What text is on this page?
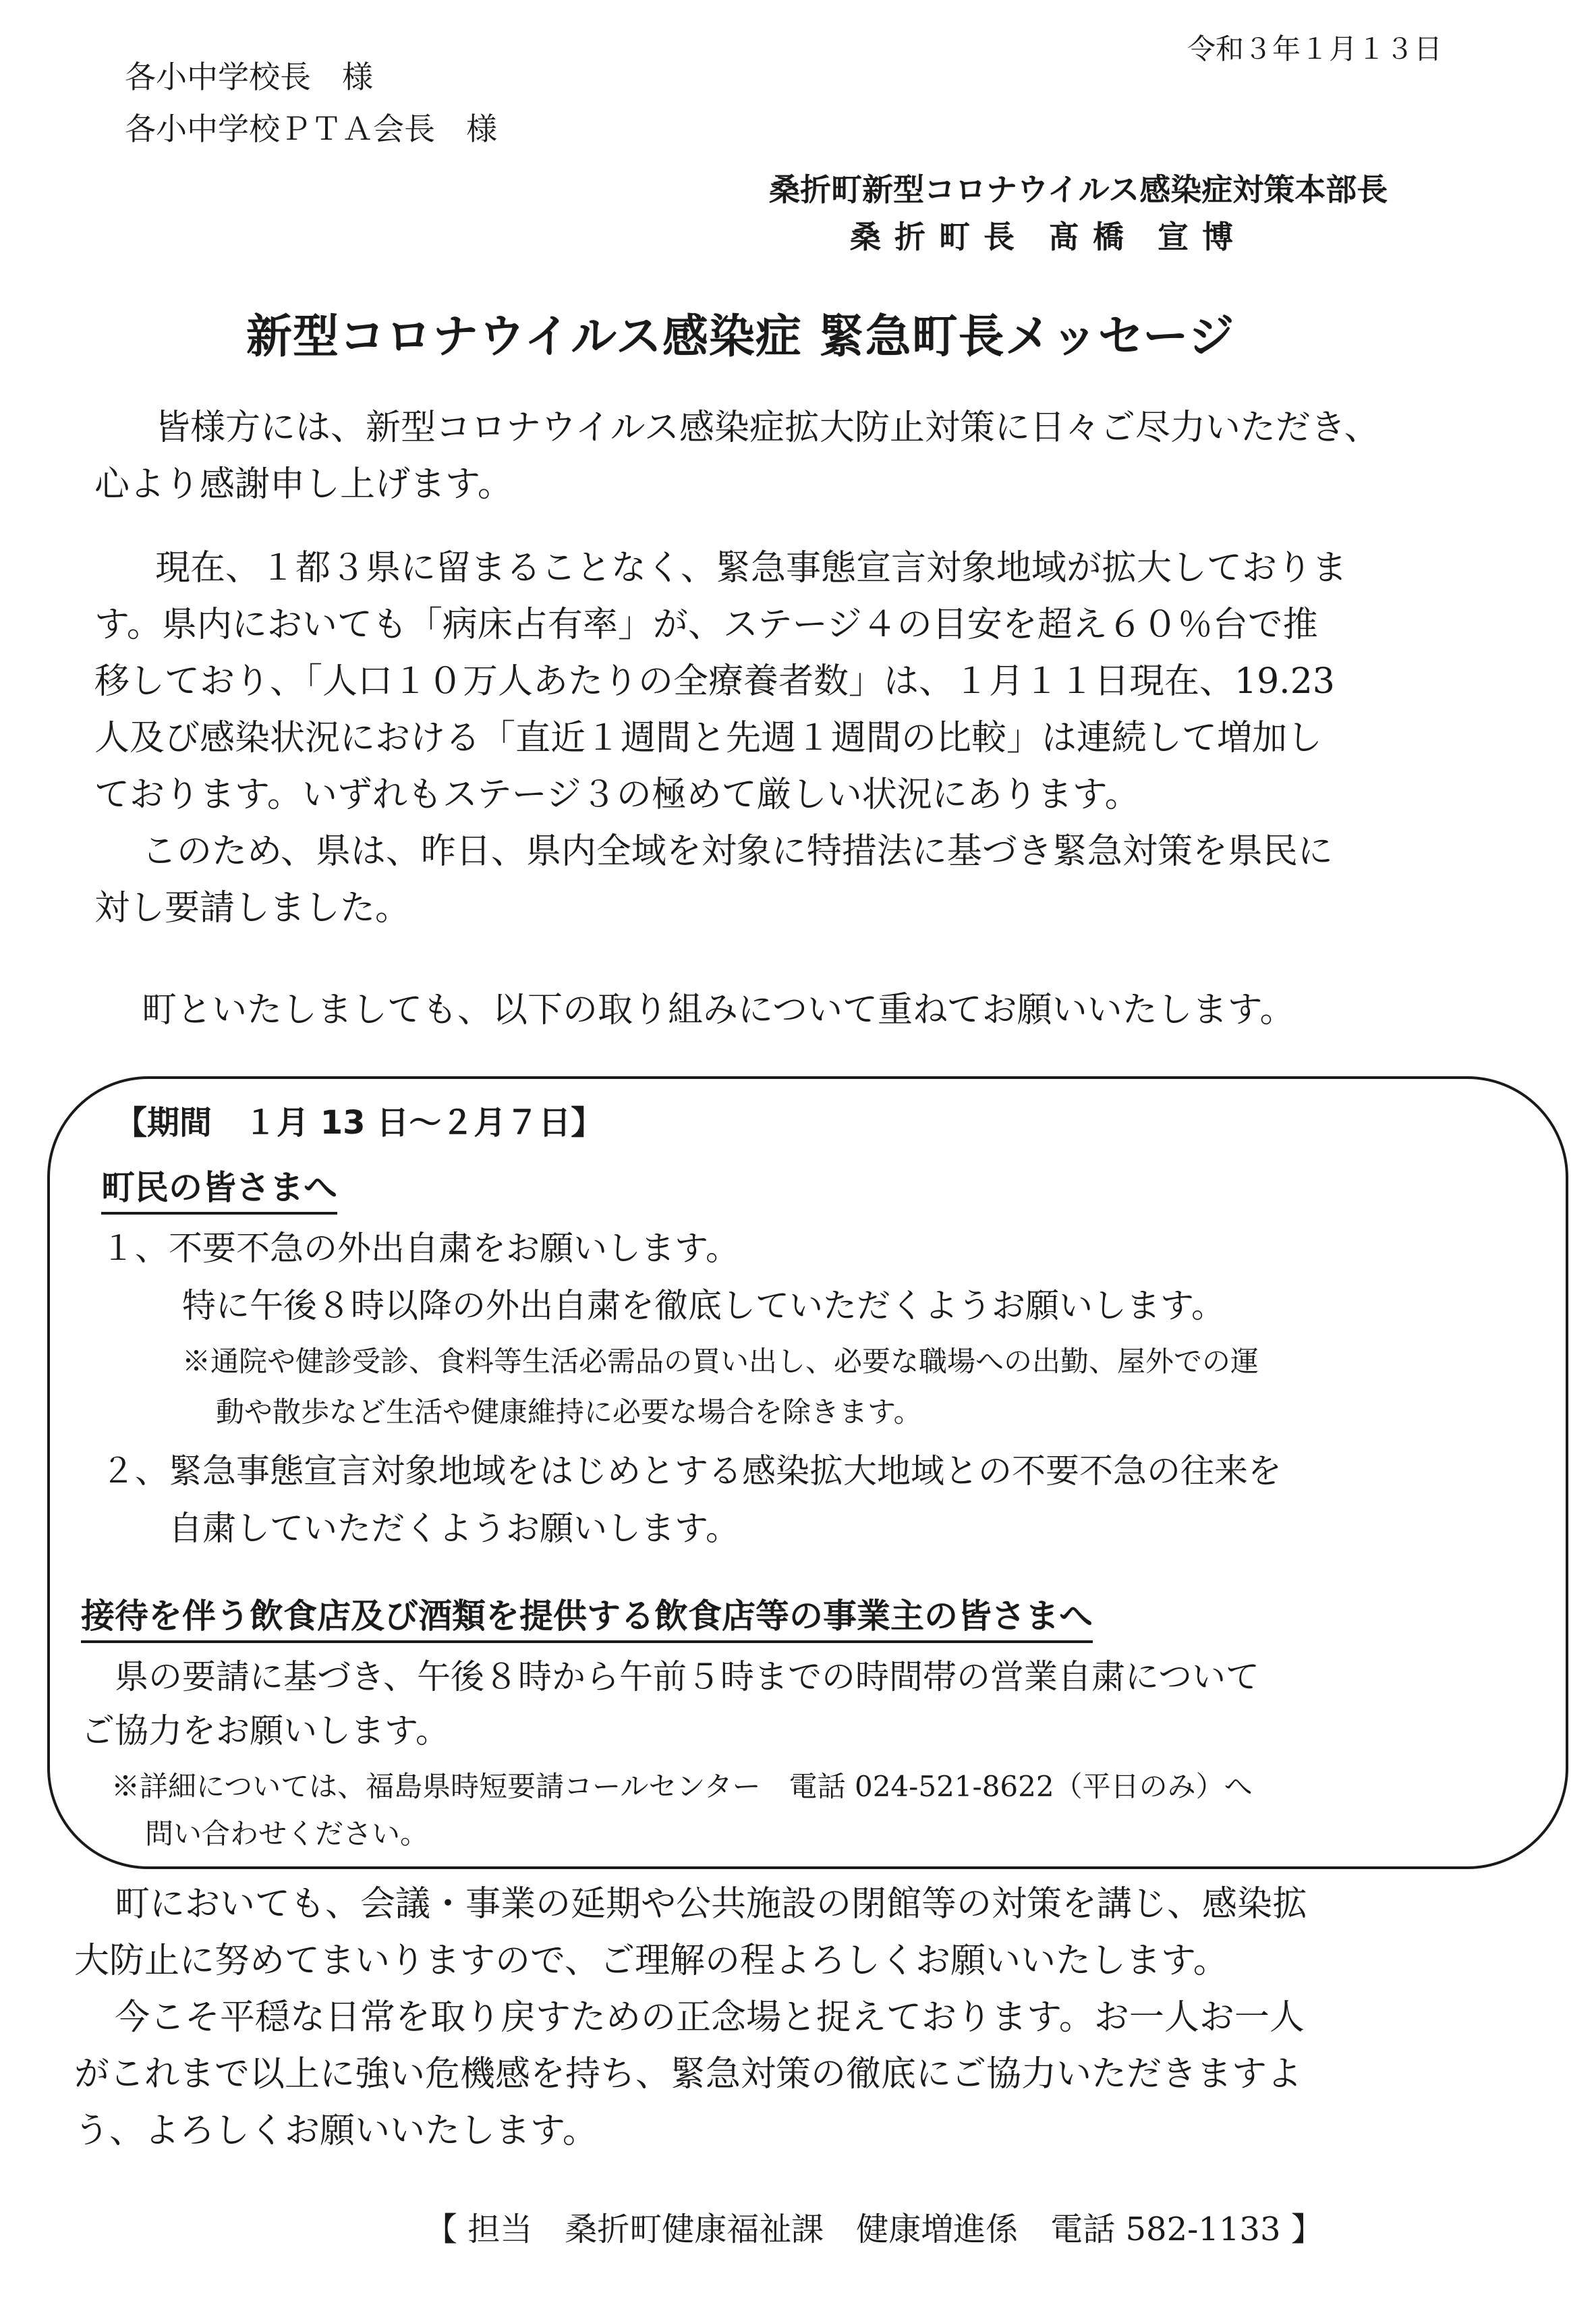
令和３年１月１３日
各小中学校長　様
各小中学校ＰＴＡ会長　様
桑折町新型コロナウイルス感染症対策本部長
桑 折 町 長　髙 橋　宣 博
新型コロナウイルス感染症 緊急町長メッセージ
皆様方には、新型コロナウイルス感染症拡大防止対策に日々ご尽力いただき、
心より感謝申し上げます。
現在、１都３県に留まることなく、緊急事態宣言対象地域が拡大しておりま
す。県内においても「病床占有率」が、ステージ４の目安を超え６０％台で推
移しており、「人口１０万人あたりの全療養者数」は、１月１１日現在、19.23
人及び感染状況における「直近１週間と先週１週間の比較」は連続して増加し
ております。いずれもステージ３の極めて厳しい状況にあります。
このため、県は、昨日、県内全域を対象に特措法に基づき緊急対策を県民に
対し要請しました。
町といたしましても、以下の取り組みについて重ねてお願いいたします。
【期間　１月 13 日～２月７日】
町民の皆さまへ
１、不要不急の外出自粛をお願いします。
特に午後８時以降の外出自粛を徹底していただくようお願いします。
※通院や健診受診、食料等生活必需品の買い出し、必要な職場への出勤、屋外での運
動や散歩など生活や健康維持に必要な場合を除きます。
２、緊急事態宣言対象地域をはじめとする感染拡大地域との不要不急の往来を
自粛していただくようお願いします。
接待を伴う飲食店及び酒類を提供する飲食店等の事業主の皆さまへ
県の要請に基づき、午後８時から午前５時までの時間帯の営業自粛について
ご協力をお願いします。
※詳細については、福島県時短要請コールセンター　電話 024-521-8622（平日のみ）へ
問い合わせください。
町においても、会議・事業の延期や公共施設の閉館等の対策を講じ、感染拡
大防止に努めてまいりますので、ご理解の程よろしくお願いいたします。
今こそ平穏な日常を取り戻すための正念場と捉えております。お一人お一人
がこれまで以上に強い危機感を持ち、緊急対策の徹底にご協力いただきますよ
う、よろしくお願いいたします。
【 担当　桑折町健康福祉課　健康増進係　電話 582-1133 】
